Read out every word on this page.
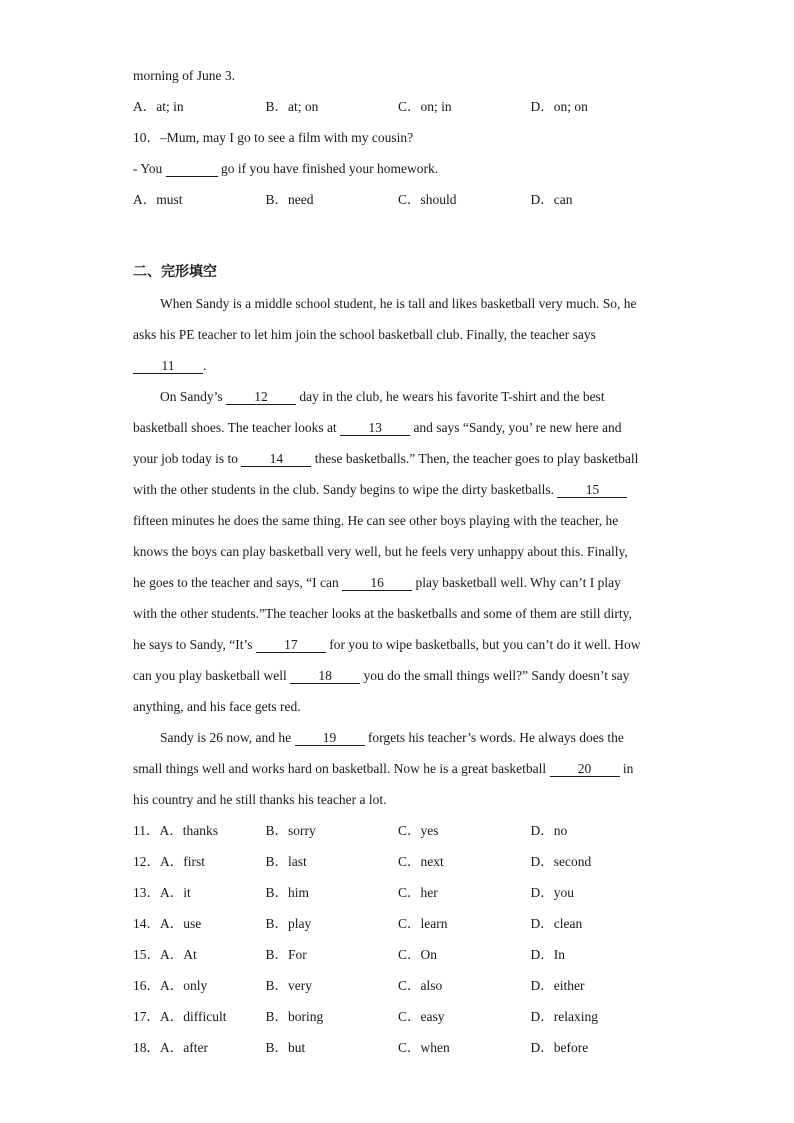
morning of June 3.
A．at; in	B．at; on	C．on; in	D．on; on
10．–Mum, may I go to see a film with my cousin?
- You	go if you have finished your homework.
A．must	B．need	C．should	D．can
二、完形填空
When Sandy is a middle school student, he is tall and likes basketball very much. So, he
asks his PE teacher to let him join the school basketball club. Finally, the teacher says
11 .
On Sandy’s 12 day in the club, he wears his favorite T-shirt and the best
basketball shoes. The teacher looks at 13 and says “Sandy, you’ re new here and
your job today is to 14 these basketballs.” Then, the teacher goes to play basketball
with the other students in the club. Sandy begins to wipe the dirty basketballs. 15
fifteen minutes he does the same thing. He can see other boys playing with the teacher, he
knows the boys can play basketball very well, but he feels very unhappy about this. Finally,
he goes to the teacher and says, “I can 16 play basketball well. Why can’t I play
with the other students.”The teacher looks at the basketballs and some of them are still dirty,
he says to Sandy, “It’s 17 for you to wipe basketballs, but you can’t do it well. How
can you play basketball well 18 you do the small things well?” Sandy doesn’t say
anything, and his face gets red.
Sandy is 26 now, and he 19 forgets his teacher’s words. He always does the
small things well and works hard on basketball. Now he is a great basketball 20 in
his country and he still thanks his teacher a lot.
11．A．thanks	B．sorry	C．yes	D．no
12．A．first	B．last	C．next	D．second
13．A．it	B．him	C．her	D．you
14．A．use	B．play	C．learn	D．clean
15．A．At	B．For	C．On	D．In
16．A．only	B．very	C．also	D．either
17．A．difficult	B．boring	C．easy	D．relaxing
18．A．after	B．but	C．when	D．before
